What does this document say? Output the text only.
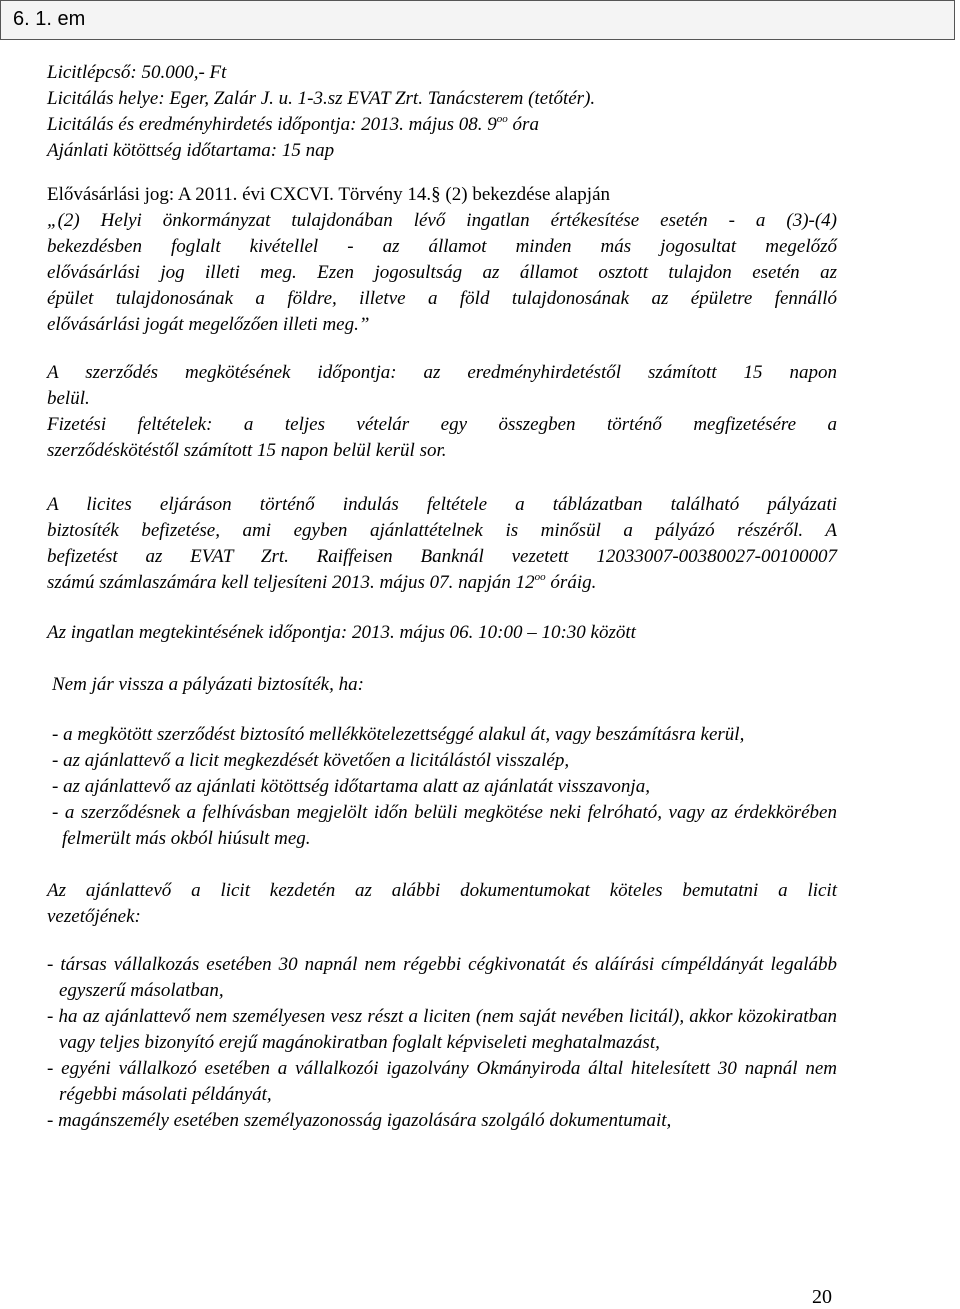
6. 1. em

Licitlépcső: 50.000,- Ft

Licitálás helye: Eger, Zalár J. u. 1-3.sz EVAT Zrt. Tanácsterem (tetőtér).

Licitálás és eredményhirdetés időpontja: 2013. május 08. $9^{oo}$ óra

Ajánlati kötöttség időtartama: 15 nap

Elővásárlási jog: A 2011. évi CXCVI. Törvény 14.§ (2) bekezdése alapján

„(2) Helyi önkormányzat tulajdonában lévő ingatlan értékesítése esetén - a (3)-(4)

bekezdésben foglalt kivétellel - az államot minden más jogosultat megelőző

elővásárlási jog illeti meg. Ezen jogosultság az államot osztott tulajdon esetén az

épület tulajdonosának a földre, illetve a föld tulajdonosának az épületre fennálló

elővásárlási jogát megelőzően illeti meg.”

A szerződés megkötésének időpontja: az eredményhirdetéstől számított 15 napon

belül.

Fizetési feltételek: a teljes vételár egy összegben történő megfizetésére a

szerződéskötéstől számított 15 napon belül kerül sor.

A licites eljáráson történő indulás feltétele a táblázatban található pályázati

biztosíték befizetése, ami egyben ajánlattételnek is minősül a pályázó részéről. A

befizetést az EVAT Zrt. Raiffeisen Banknál vezetett 12033007-00380027-00100007

számú számlaszámára kell teljesíteni 2013. május 07. napján $12^{oo}$ óráig.

Az ingatlan megtekintésének időpontja: 2013. május 06. 10:00 – 10:30 között

Nem jár vissza a pályázati biztosíték, ha:

- a megkötött szerződést biztosító mellékkötelezettséggé alakul át, vagy beszámításra kerül,

- az ajánlattevő a licit megkezdését követően a licitálástól visszalép,

- az ajánlattevő az ajánlati kötöttség időtartama alatt az ajánlatát visszavonja,

- a szerződésnek a felhívásban megjelölt időn belüli megkötése neki felróható, vagy az érdekkörében felmerült más okból hiúsult meg.

Az ajánlattevő a licit kezdetén az alábbi dokumentumokat köteles bemutatni a licit

vezetőjének:

- társas vállalkozás esetében 30 napnál nem régebbi cégkivonatát és aláírási címpéldányát legalább egyszerű másolatban,

- ha az ajánlattevő nem személyesen vesz részt a liciten (nem saját nevében licitál), akkor közokiratban vagy teljes bizonyító erejű magánokiratban foglalt képviseleti meghatalmazást,

- egyéni vállalkozó esetében a vállalkozói igazolvány Okmányiroda által hitelesített 30 napnál nem régebbi másolati példányát,

- magánszemély esetében személyazonosság igazolására szolgáló dokumentumait,

20
